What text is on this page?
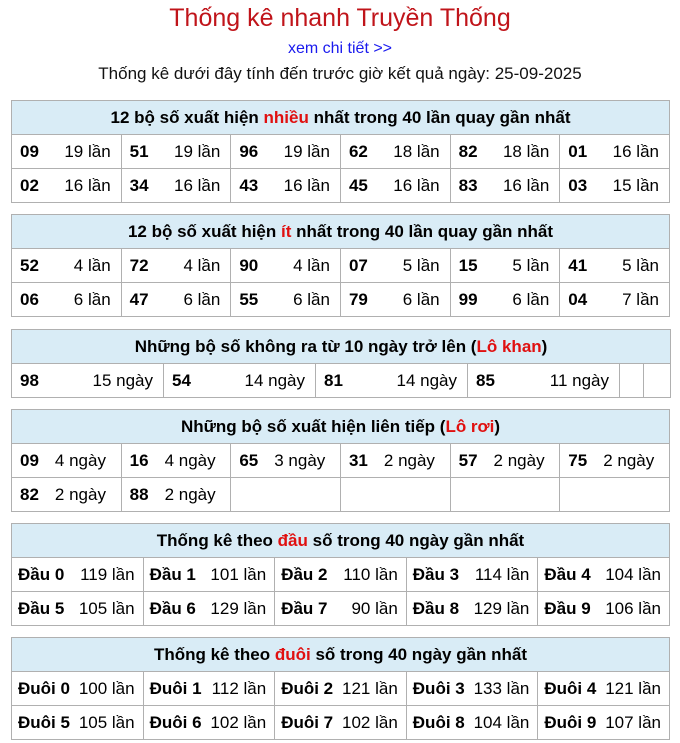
Thống kê nhanh Truyền Thống
xem chi tiết >>
Thống kê dưới đây tính đến trước giờ kết quả ngày: 25-09-2025
12 bộ số xuất hiện nhiều nhất trong 40 lần quay gần nhất					

09 19 lần	51 19 lần	96 19 lần	62 18 lần	82 18 lần	01 16 lần

02 16 lần	34 16 lần	43 16 lần	45 16 lần	83 16 lần	03 15 lần
12 bộ số xuất hiện ít nhất trong 40 lần quay gần nhất					

52 4 lần	72 4 lần	90 4 lần	07 5 lần	15 5 lần	41 5 lần

06 6 lần	47 6 lần	55 6 lần	79 6 lần	99 6 lần	04 7 lần
Những bộ số không ra từ 10 ngày trở lên (Lô khan)

98	15 ngày	54	14 ngày	81	14 ngày	85	11 ngày

Những bộ số xuất hiện liên tiếp (Lô rơi)					

09 4 ngày	16 4 ngày	65 3 ngày	31 2 ngày	57 2 ngày	75 2 ngày

82 2 ngày	88 2 ngày				

Thống kê theo đầu số trong 40 ngày gần nhất				

Đầu 0 119 lần	Đầu 1 101 lần	Đầu 2 110 lần	Đầu 3 114 lần	Đầu 4 104 lần

Đầu 5 105 lần	Đầu 6 129 lần	Đầu 7 90 lần	Đầu 8 129 lần	Đầu 9 106 lần
Thống kê theo đuôi số trong 40 ngày gần nhất				

Đuôi 0 100 lần	Đuôi 1 112 lần	Đuôi 2 121 lần	Đuôi 3 133 lần	Đuôi 4 121 lần

Đuôi 5 105 lần	Đuôi 6 102 lần	Đuôi 7 102 lần	Đuôi 8 104 lần	Đuôi 9 107 lần
